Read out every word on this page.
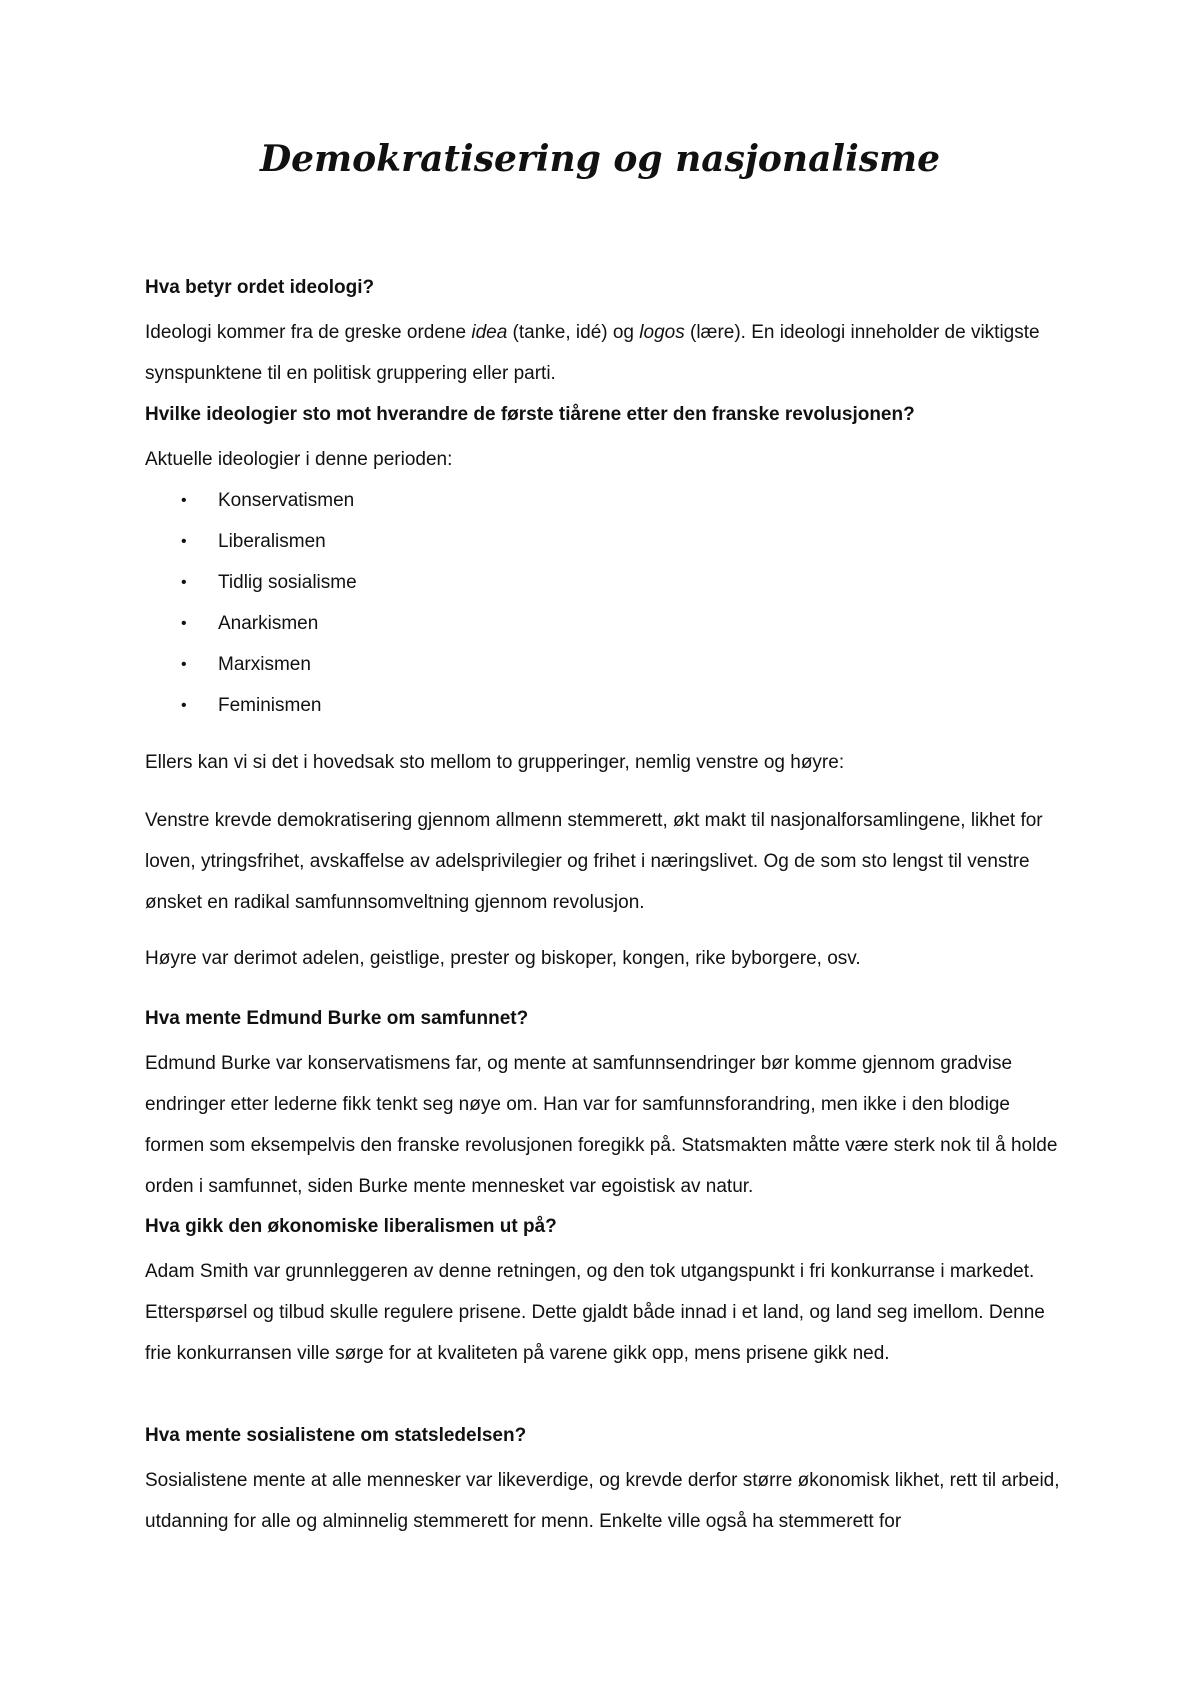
Demokratisering og nasjonalisme

Hva betyr ordet ideologi?

Ideologi kommer fra de greske ordene idea (tanke, idé) og logos (lære). En ideologi inneholder de viktigste synspunktene til en politisk gruppering eller parti.

Hvilke ideologier sto mot hverandre de første tiårene etter den franske revolusjonen?

Aktuelle ideologier i denne perioden:

• Konservatismen
• Liberalismen
• Tidlig sosialisme
• Anarkismen
• Marxismen
• Feminismen

Ellers kan vi si det i hovedsak sto mellom to grupperinger, nemlig venstre og høyre:

Venstre krevde demokratisering gjennom allmenn stemmerett, økt makt til nasjonalforsamlingene, likhet for loven, ytringsfrihet, avskaffelse av adelsprivilegier og frihet i næringslivet. Og de som sto lengst til venstre ønsket en radikal samfunnsomveltning gjennom revolusjon.

Høyre var derimot adelen, geistlige, prester og biskoper, kongen, rike byborgere, osv.

Hva mente Edmund Burke om samfunnet?

Edmund Burke var konservatismens far, og mente at samfunnsendringer bør komme gjennom gradvise endringer etter lederne fikk tenkt seg nøye om. Han var for samfunnsforandring, men ikke i den blodige formen som eksempelvis den franske revolusjonen foregikk på. Statsmakten måtte være sterk nok til å holde orden i samfunnet, siden Burke mente mennesket var egoistisk av natur.

Hva gikk den økonomiske liberalismen ut på?

Adam Smith var grunnleggeren av denne retningen, og den tok utgangspunkt i fri konkurranse i markedet. Etterspørsel og tilbud skulle regulere prisene. Dette gjaldt både innad i et land, og land seg imellom. Denne frie konkurransen ville sørge for at kvaliteten på varene gikk opp, mens prisene gikk ned.

Hva mente sosialistene om statsledelsen?

Sosialistene mente at alle mennesker var likeverdige, og krevde derfor større økonomisk likhet, rett til arbeid, utdanning for alle og alminnelig stemmerett for menn. Enkelte ville også ha stemmerett for
